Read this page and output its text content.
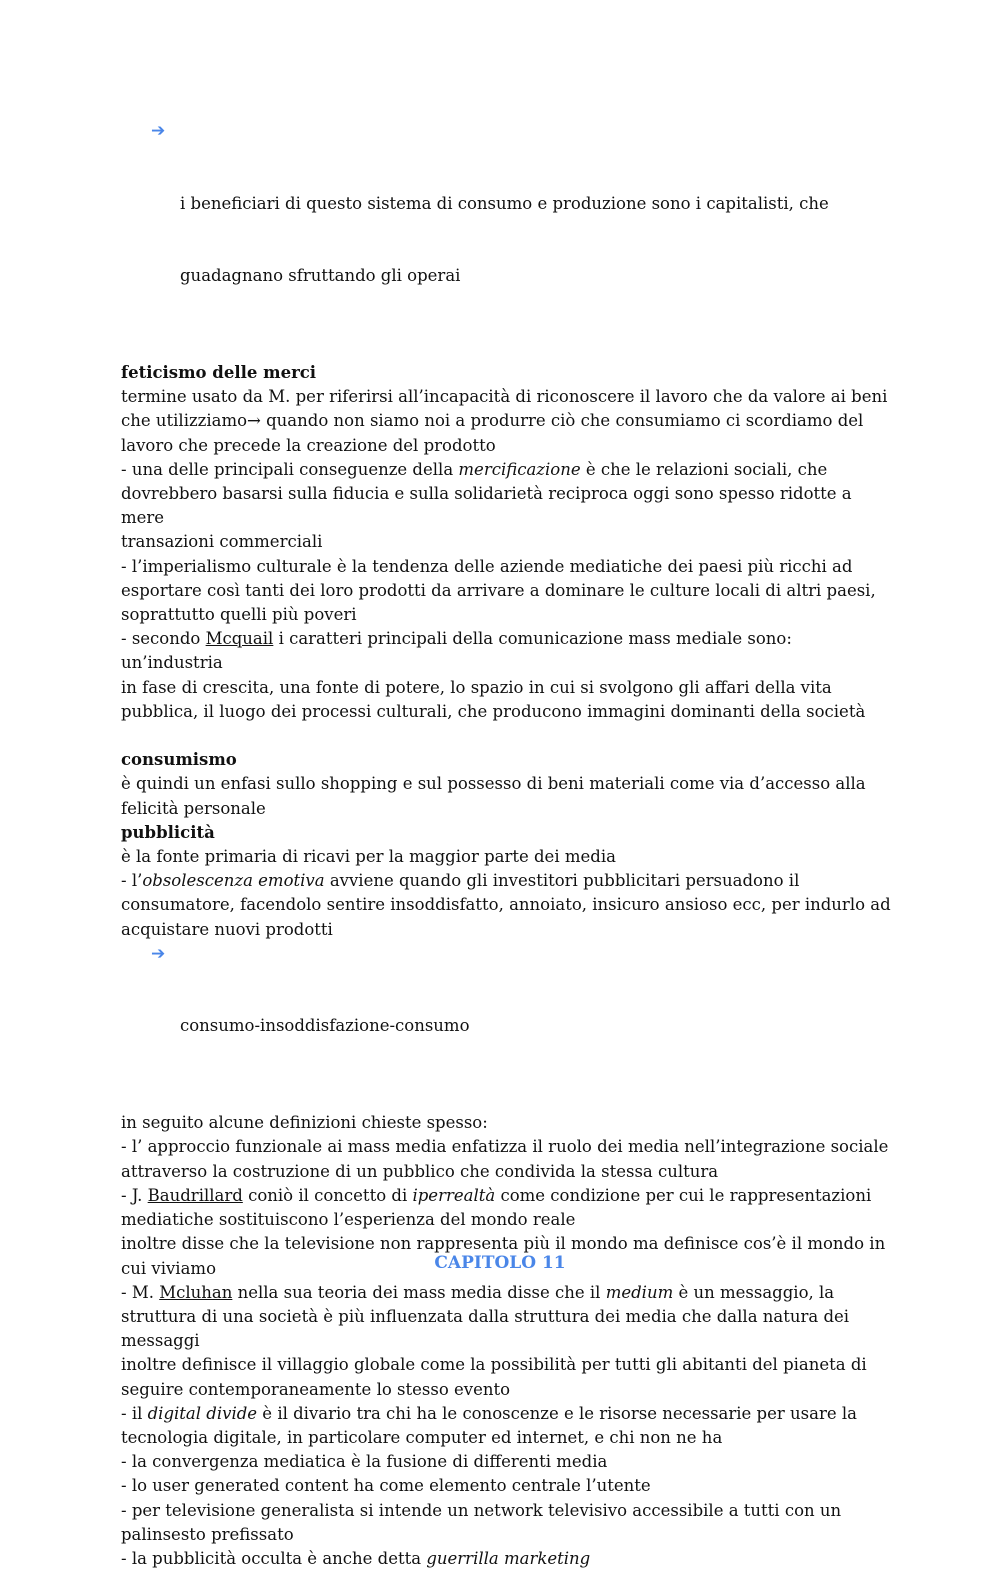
➔

i beneficiari di questo sistema di consumo e produzione sono i capitalisti, che

guadagnano sfruttando gli operai

feticismo delle merci

termine usato da M. per riferirsi all’incapacità di riconoscere il lavoro che da valore ai beni

che utilizziamo→ quando non siamo noi a produrre ciò che consumiamo ci scordiamo del

lavoro che precede la creazione del prodotto

- una delle principali conseguenze della mercificazione è che le relazioni sociali, che

dovrebbero basarsi sulla fiducia e sulla solidarietà reciproca oggi sono spesso ridotte a mere

transazioni commerciali

- l’imperialismo culturale è la tendenza delle aziende mediatiche dei paesi più ricchi ad

esportare così tanti dei loro prodotti da arrivare a dominare le culture locali di altri paesi,

soprattutto quelli più poveri

- secondo Mcquail i caratteri principali della comunicazione mass mediale sono: un’industria

in fase di crescita, una fonte di potere, lo spazio in cui si svolgono gli affari della vita

pubblica, il luogo dei processi culturali, che producono immagini dominanti della società

consumismo

è quindi un enfasi sullo shopping e sul possesso di beni materiali come via d’accesso alla

felicità personale

pubblicità

è la fonte primaria di ricavi per la maggior parte dei media

- l’obsolescenza emotiva avviene quando gli investitori pubblicitari persuadono il

consumatore, facendolo sentire insoddisfatto, annoiato, insicuro ansioso ecc, per indurlo ad

acquistare nuovi prodotti

➔

consumo-insoddisfazione-consumo

in seguito alcune definizioni chieste spesso:

- l’ approccio funzionale ai mass media enfatizza il ruolo dei media nell’integrazione sociale

attraverso la costruzione di un pubblico che condivida la stessa cultura

- J. Baudrillard coniò il concetto di iperrealtà come condizione per cui le rappresentazioni

mediatiche sostituiscono l’esperienza del mondo reale

inoltre disse che la televisione non rappresenta più il mondo ma definisce cos’è il mondo in

cui viviamo

- M. Mcluhan nella sua teoria dei mass media disse che il medium è un messaggio, la

struttura di una società è più influenzata dalla struttura dei media che dalla natura dei

messaggi

inoltre definisce il villaggio globale come la possibilità per tutti gli abitanti del pianeta di

seguire contemporaneamente lo stesso evento

- il digital divide è il divario tra chi ha le conoscenze e le risorse necessarie per usare la

tecnologia digitale, in particolare computer ed internet, e chi non ne ha

- la convergenza mediatica è la fusione di differenti media

- lo user generated content ha come elemento centrale l’utente

- per televisione generalista si intende un network televisivo accessibile a tutti con un

palinsesto prefissato

- la pubblicità occulta è anche detta guerrilla marketing

CAPITOLO 11
